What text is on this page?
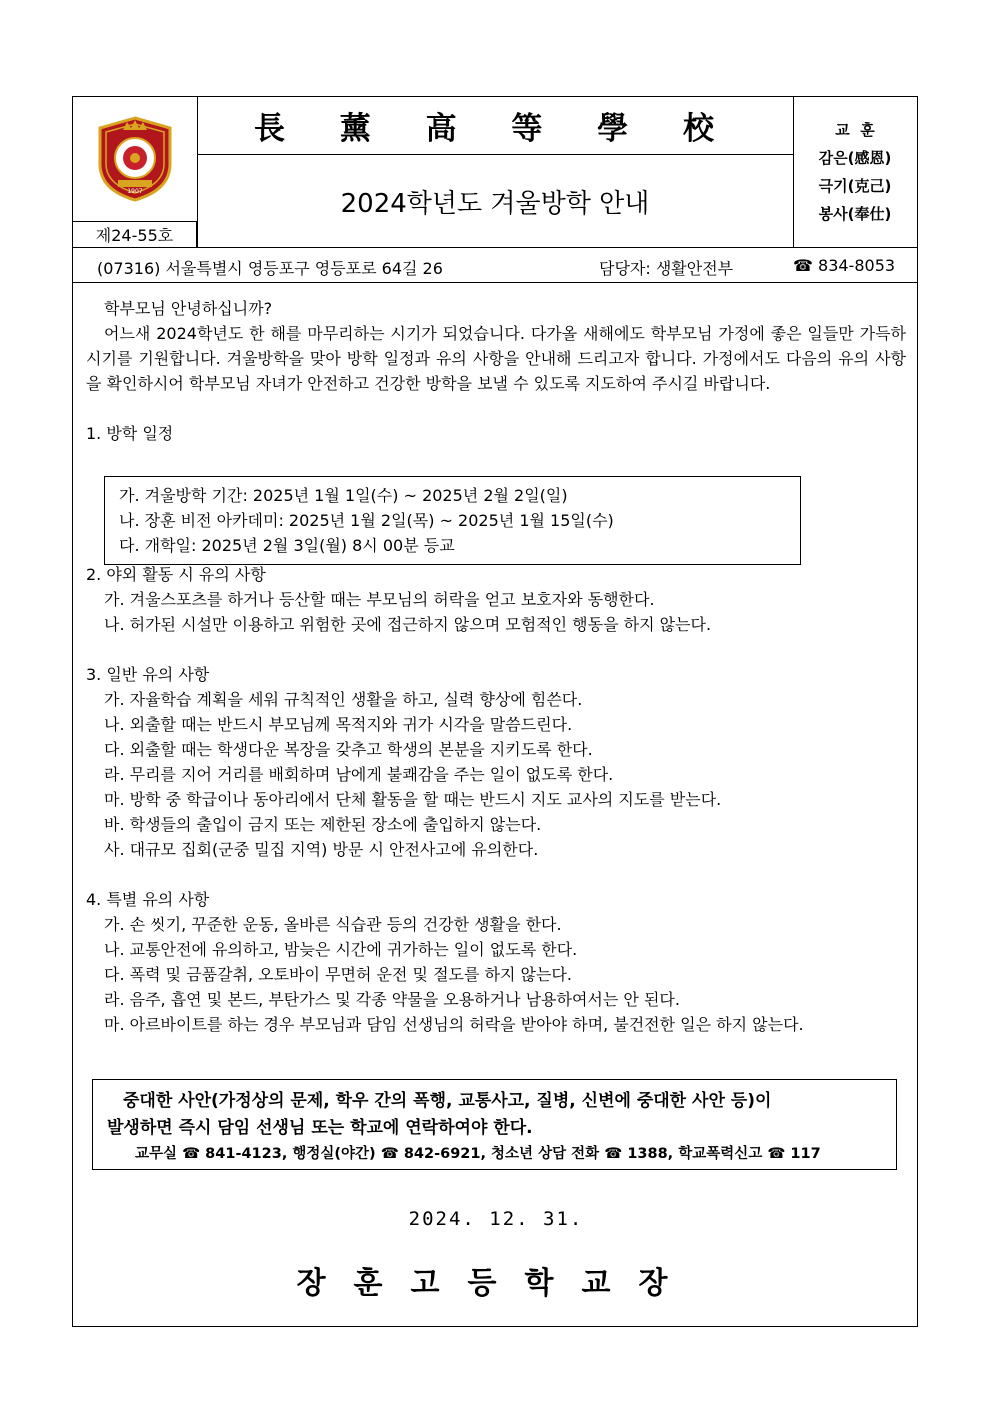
1907
제24-55호
長 薰 高 等 學 校
2024학년도 겨울방학 안내
교  훈
감은(感恩)
극기(克己)
봉사(奉仕)
(07316) 서울특별시 영등포구 영등포로 64길 26	담당자: 생활안전부	☎ 834-8053

학부모님 안녕하십니까?

어느새 2024학년도 한 해를 마무리하는 시기가 되었습니다. 다가올 새해에도 학부모님 가정에 좋은 일들만 가득하시기를 기원합니다. 겨울방학을 맞아 방학 일정과 유의 사항을 안내해 드리고자 합니다. 가정에서도 다음의 유의 사항을 확인하시어 학부모님 자녀가 안전하고 건강한 방학을 보낼 수 있도록 지도하여 주시길 바랍니다.

1. 방학 일정

2. 야외 활동 시 유의 사항

가. 겨울스포츠를 하거나 등산할 때는 부모님의 허락을 얻고 보호자와 동행한다.

나. 허가된 시설만 이용하고 위험한 곳에 접근하지 않으며 모험적인 행동을 하지 않는다.

3. 일반 유의 사항

가. 자율학습 계획을 세워 규칙적인 생활을 하고, 실력 향상에 힘쓴다.

나. 외출할 때는 반드시 부모님께 목적지와 귀가 시각을 말씀드린다.

다. 외출할 때는 학생다운 복장을 갖추고 학생의 본분을 지키도록 한다.

라. 무리를 지어 거리를 배회하며 남에게 불쾌감을 주는 일이 없도록 한다.

마. 방학 중 학급이나 동아리에서 단체 활동을 할 때는 반드시 지도 교사의 지도를 받는다.

바. 학생들의 출입이 금지 또는 제한된 장소에 출입하지 않는다.

사. 대규모 집회(군중 밀집 지역) 방문 시 안전사고에 유의한다.

4. 특별 유의 사항

가. 손 씻기, 꾸준한 운동, 올바른 식습관 등의 건강한 생활을 한다.

나. 교통안전에 유의하고, 밤늦은 시간에 귀가하는 일이 없도록 한다.

다. 폭력 및 금품갈취, 오토바이 무면허 운전 및 절도를 하지 않는다.

라. 음주, 흡연 및 본드, 부탄가스 및 각종 약물을 오용하거나 남용하여서는 안 된다.

마. 아르바이트를 하는 경우 부모님과 담임 선생님의 허락을 받아야 하며, 불건전한 일은 하지 않는다.

가. 겨울방학 기간: 2025년 1월 1일(수) ~ 2025년 2월 2일(일)

나. 장훈 비전 아카데미: 2025년 1월 2일(목) ~ 2025년 1월 15일(수)

다. 개학일: 2025년 2월 3일(월) 8시 00분 등교

중대한 사안(가정상의 문제, 학우 간의 폭행, 교통사고, 질병, 신변에 중대한 사안 등)이
발생하면 즉시 담임 선생님 또는 학교에 연락하여야 한다.
교무실 ☎ 841-4123, 행정실(야간) ☎ 842-6921, 청소년 상담 전화 ☎ 1388, 학교폭력신고 ☎ 117
2024. 12. 31.
장훈고등학교장
